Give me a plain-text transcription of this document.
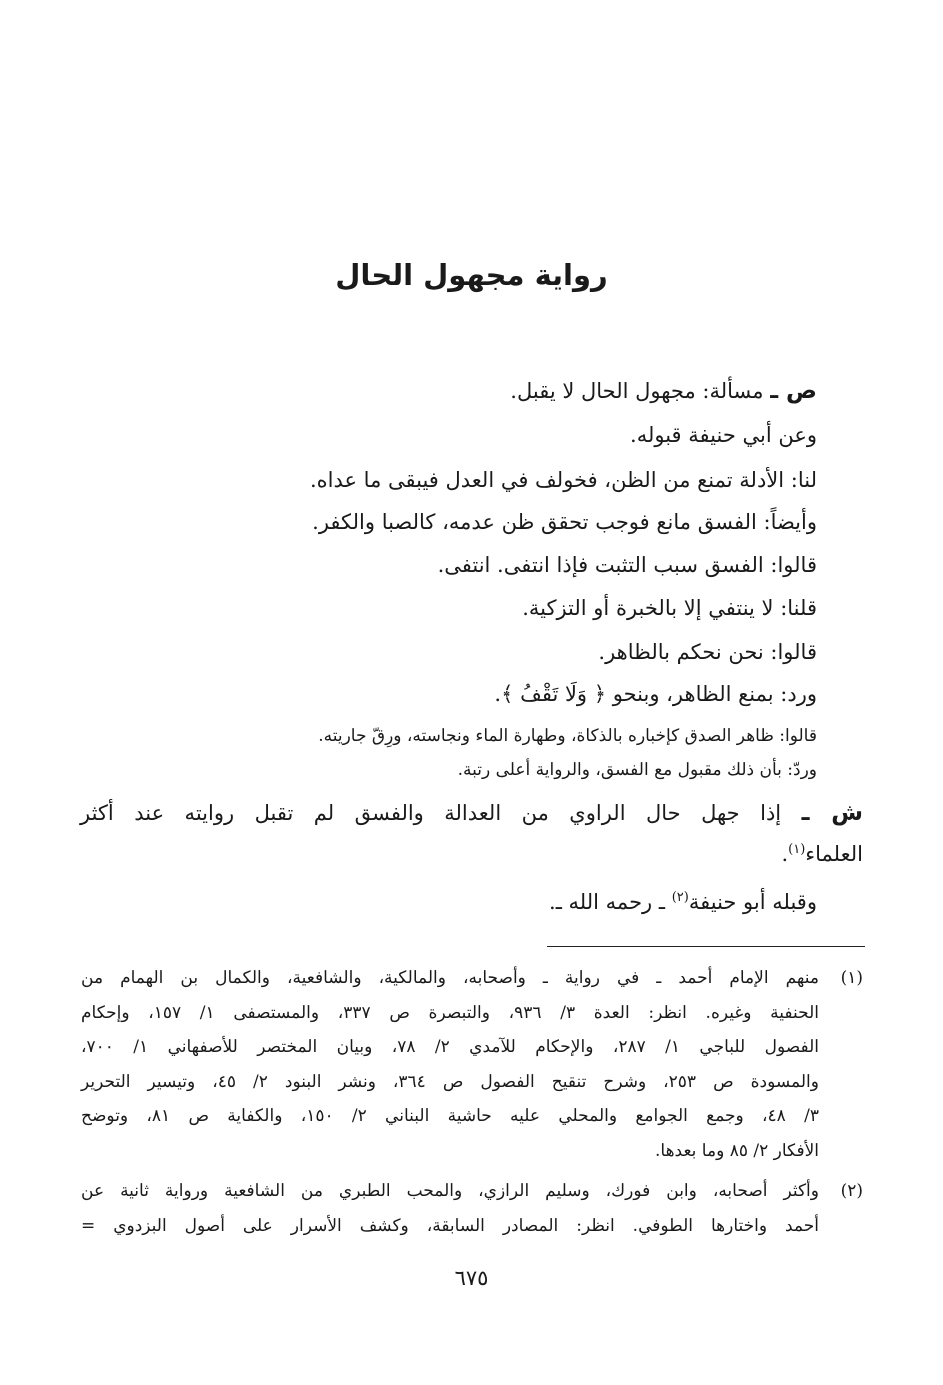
رواية مجهول الحال
ص ـ مسألة: مجهول الحال لا يقبل.
وعن أبي حنيفة قبوله.
لنا: الأدلة تمنع من الظن، فخولف في العدل فيبقى ما عداه.
وأيضاً: الفسق مانع فوجب تحقق ظن عدمه، كالصبا والكفر.
قالوا: الفسق سبب التثبت فإذا انتفى. انتفى.
قلنا: لا ينتفي إلا بالخبرة أو التزكية.
قالوا: نحن نحكم بالظاهر.
ورد: بمنع الظاهر، وبنحو ﴿ وَلَا تَقْفُ ﴾.
قالوا: ظاهر الصدق كإخباره بالذكاة، وطهارة الماء ونجاسته، ورِقّ جاريته.
وردّ: بأن ذلك مقبول مع الفسق، والرواية أعلى رتبة.
ش ـ إذا جهل حال الراوي من العدالة والفسق لم تقبل روايته عند أكثر
العلماء$^{(١)}$.
وقبله أبو حنيفة$^{(٢)}$ ـ رحمه الله ـ.
(١)
منهم الإمام أحمد ـ في رواية ـ وأصحابه، والمالكية، والشافعية، والكمال بن الهمام من
الحنفية وغيره. انظر: العدة ٣/ ٩٣٦، والتبصرة ص ٣٣٧، والمستصفى ١/ ١٥٧، وإحكام
الفصول للباجي ١/ ٢٨٧، والإحكام للآمدي ٢/ ٧٨، وبيان المختصر للأصفهاني ١/ ٧٠٠،
والمسودة ص ٢٥٣، وشرح تنقيح الفصول ص ٣٦٤، ونشر البنود ٢/ ٤٥، وتيسير التحرير
٣/ ٤٨، وجمع الجوامع والمحلي عليه حاشية البناني ٢/ ١٥٠، والكفاية ص ٨١، وتوضح
الأفكار ٢/ ٨٥ وما بعدها.
(٢)
وأكثر أصحابه، وابن فورك، وسليم الرازي، والمحب الطبري من الشافعية ورواية ثانية عن
أحمد واختارها الطوفي. انظر: المصادر السابقة، وكشف الأسرار على أصول البزدوي =
٦٧٥
